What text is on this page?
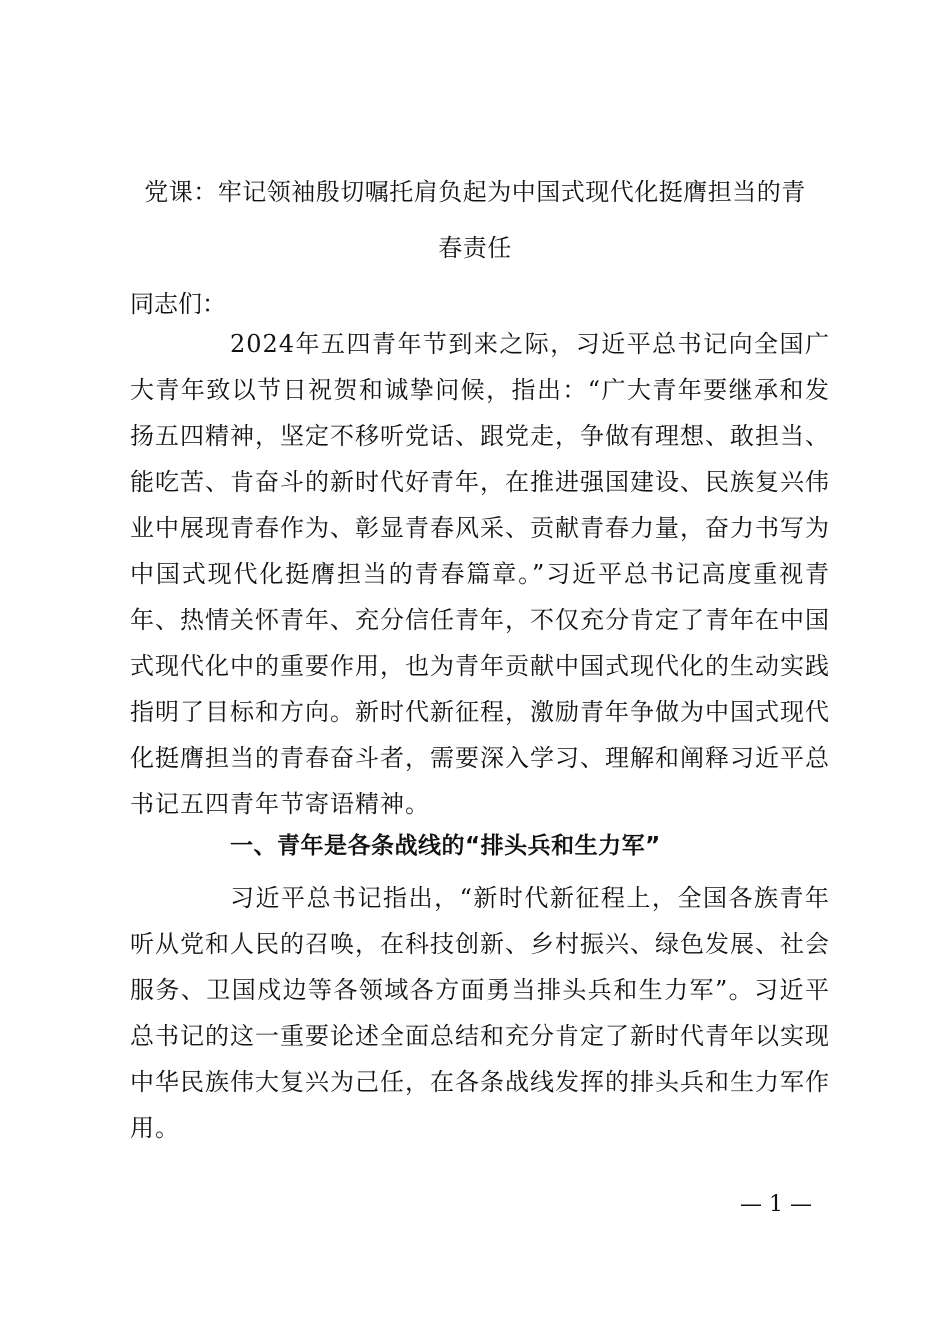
党课：牢记领袖殷切嘱托肩负起为中国式现代化挺膺担当的青
春责任
同志们：

2024年五四青年节到来之际，习近平总书记向全国广大青年致以节日祝贺和诚挚问候，指出：“广大青年要继承和发扬五四精神，坚定不移听党话、跟党走，争做有理想、敢担当、能吃苦、肯奋斗的新时代好青年，在推进强国建设、民族复兴伟业中展现青春作为、彰显青春风采、贡献青春力量，奋力书写为中国式现代化挺膺担当的青春篇章。”习近平总书记高度重视青年、热情关怀青年、充分信任青年，不仅充分肯定了青年在中国式现代化中的重要作用，也为青年贡献中国式现代化的生动实践指明了目标和方向。新时代新征程，激励青年争做为中国式现代化挺膺担当的青春奋斗者，需要深入学习、理解和阐释习近平总书记五四青年节寄语精神。

一、青年是各条战线的“排头兵和生力军”

习近平总书记指出，“新时代新征程上，全国各族青年听从党和人民的召唤，在科技创新、乡村振兴、绿色发展、社会服务、卫国戍边等各领域各方面勇当排头兵和生力军”。习近平总书记的这一重要论述全面总结和充分肯定了新时代青年以实现中华民族伟大复兴为己任，在各条战线发挥的排头兵和生力军作用。

— 1 —
